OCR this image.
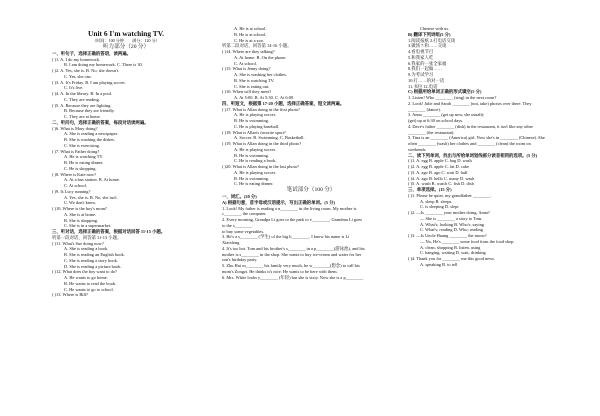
Unit 6 I'm watching TV.
（时间：100 分钟　　满分：120 分）
听力部分（20 分）
一、听句子，选择正确的答语，读两遍。
( )1. A. I do my homework.
B. I am doing my homework. C. There is 30.
( )2. A. Yes, she is. B. No, she doesn't.
C. Yes, she can.
( )3. A. It's Friday. B. I am playing soccer.
C. It's five.
( )4. A. In the library. B. In a pool.
C. They are reading.
( )5. A. Because they are fighting.
B. Because they are friendly.
C. They are at home.
二、听问句，选择正确的答案，每段对话读两遍。
( )6. What is Mary doing?
A. She is reading a newspaper.
B. She is washing the dishes.
C. She is exercising.
( )7. What is Father doing?
A. He is watching TV.
B. He is eating dinner.
C. He is shopping.
( )8. Where is Kate now?
A. At a bus station. B. At home.
C. At school.
( )9. Is Lucy running?
A. Yes, she is. B. No, she isn't.
C. We don't know.
( )10. Where is the boy's mom?
A. She is at home.
B. She is shopping.
C. She is in a supermarket.
三、听对话，选择正确的答案，根据对话回答 11-15 小题。
听第一段对话，回答第 11-13 小题。
( )11. What's Sue doing now?
A. She is reading a book.
B. She is reading an English book.
C. She is reading a story book.
D. She is reading a picture book.
( )12. What does the boy want to do?
A. He wants to go home.
B. He wants to read the book.
C. He wants to go to school.
( )13. Where is Bill?
A. He is at school.
B. He is at school.
C. He is at a zoo.
听第二段对话，回答第 14-16 小题。
( )14. Where are they talking?
A. At home. B. On the phone.
C. At school.
( )15. What is Jenny doing?
A. She is washing her clothes.
B. She is watching TV.
C. She is eating out.
( )16. When will they meet?
A. At 5:00. B. At 5:30. C. At 6:00
四、听短文，根据第 17-20 小题，选择正确答案，短文读两遍。
( )17. What is Allan doing in the first photo?
A. He is playing soccer.
B. He is swimming.
C. He is playing baseball.
( )18. What is Allan's favorite sport?
A. Soccer. B. Swimming. C. Basketball.
( )19. What is Allan doing in the third photo?
A. He is playing soccer.
B. He is swimming.
C. He is reading a book.
( )20. What is Allan doing in the last photo?
A. He is playing soccer.
B. He is swimming.
C. He is eating dinner.
笔试部分（100 分）
一、词汇。(20 分)
A) 根据句意，首字母或汉语提示，写出正确的单词。(5 分)
1. Look! My father is reading a n________ in the living room. My mother is
c________ the computer.
2. Every morning, Grandpa Li goes to the park to e________, Grandma Li goes
to the s________
to buy some vegetables.
3. He's a s________ (学生) of the big h________. I know his name is Li
Xiaodong.
4. It's too hot. Tom and his brother's s________ in a p________(游泳池), and his
mother is s________ in the shop. She wants to buy ice-cream and water for her
son's birthday party.
5. Zhu Hui m________ his family very much, he w________(想念) to call his
mom's Zongzi. He thinks it's nice. He wants to be here with them.
6. Mrs. White looks y________ (年轻) but she is sixty. Now she is a p________
Chinese with us.
B) 翻译下列词组(5 分)
1.阅读报纸 2.打电话交谈
3.做汤 7.和……交谈
4.看电视节目
5.和我家人吃
6.我家的一张全家福
8.我们一起做……
9.为考试学习
10.打……的对一话
11.书包 12.电话
C) 根据所给单词正确的形式填空(5 分)
1. Listen! Who ________ (sing) in the next room?
2. Look! Julie and Sarah ________ (not, take) photos over there. They
________ (dance).
3. Anna ________ (get up now, she usually
(get) up at 6:30 on school days.
4. Dave's father ________ (dish) in the restaurant, it isn't like any other
________ (the restaurant).
5. Tina is an ________ (America) girl. Now she's in ________ (Chinese). She
often ________ (wash) her clothes and ________ (clean) the room on
weekends.
二、读下列单词，找出与所给单词划线部分读音相同的选项。(5 分)
( )1. A. egg B. apple C. bag D. wash
( )2. A. egg B. apple C. fat D. cake
( )3. A. ago B. ago C. wait D. half
( )4. A. ago B. hello C. many D. wash
( )5. A. wash B. watch C. fish D. dish
三、单项选择。(15 分)
( )1. Please be quiet, my grandfather ________.
A. sleep B. sleeps
C. is sleeping D. slept
( )2. —Is ________ your mother doing, Anna?
— She is ________ a story to Tom.
A. What's; looking B. Who's; saying
C. What's; reading D. Who; reading
( )3. —Is Uncle Huang ________ the moon?
— No, He's ________ some food from the food shop.
A. clean, shopping B. listen, using
C. hanging, waiting D. wait, drinking
( )4. Thank you for ________ me this good news.
A. speaking B. to tell
